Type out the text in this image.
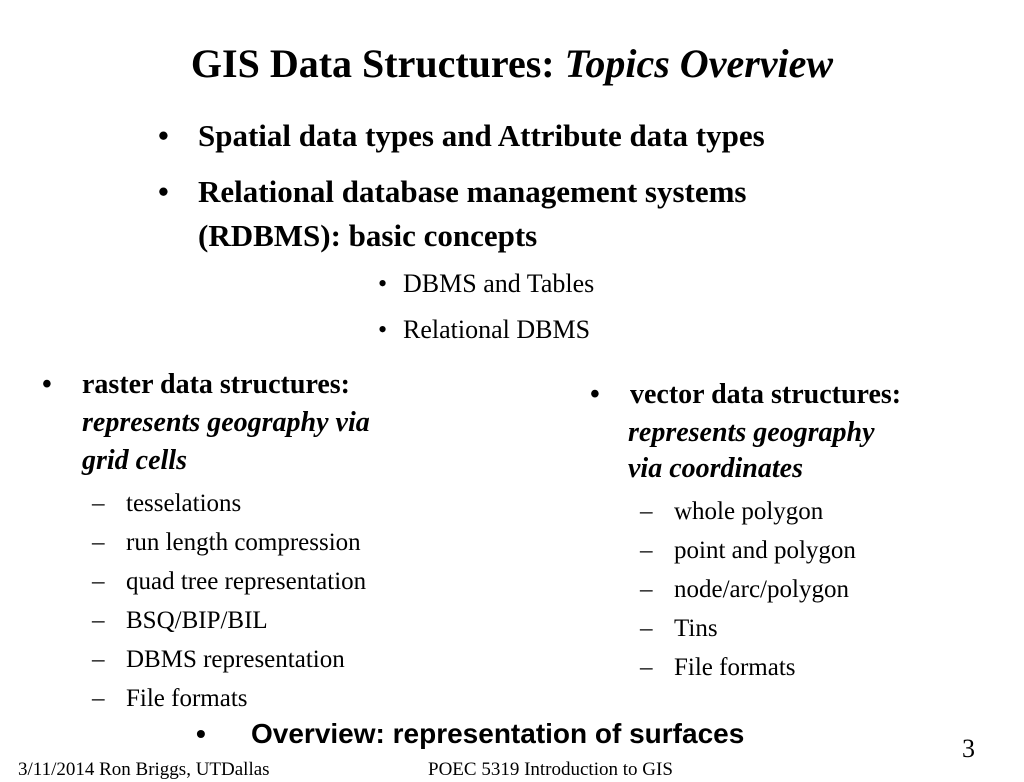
GIS Data Structures: Topics Overview
• Spatial data types and Attribute data types
• Relational database management systems
(RDBMS): basic concepts
• DBMS and Tables
• Relational DBMS
• raster data structures:
represents geography via
grid cells
– tesselations
– run length compression
– quad tree representation
– BSQ/BIP/BIL
– DBMS representation
– File formats
• vector data structures:
represents geography
via coordinates
– whole polygon
– point and polygon
– node/arc/polygon
– Tins
– File formats
• Overview: representation of surfaces	3
3/11/2014 Ron Briggs, UTDallas	POEC 5319 Introduction to GIS
